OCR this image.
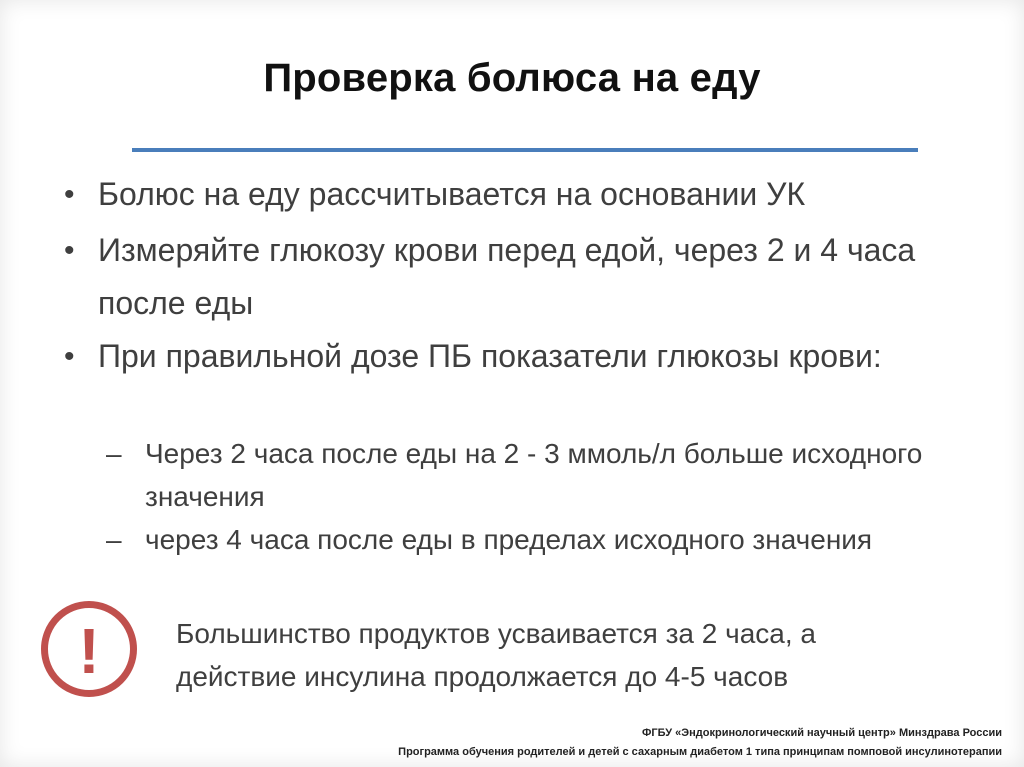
Проверка болюса на еду
• Болюс на еду рассчитывается на основании УК
• Измеряйте глюкозу крови перед едой, через 2 и 4 часа после еды
• При правильной дозе ПБ показатели глюкозы крови:
– Через 2 часа после еды на 2 - 3 ммоль/л больше исходного значения
– через 4 часа после еды в пределах исходного значения
!	Большинство продуктов усваивается за 2 часа, а действие инсулина продолжается до 4-5 часов
ФГБУ «Эндокринологический научный центр» Минздрава России
Программа обучения родителей и детей с сахарным диабетом 1 типа принципам помповой инсулинотерапии
